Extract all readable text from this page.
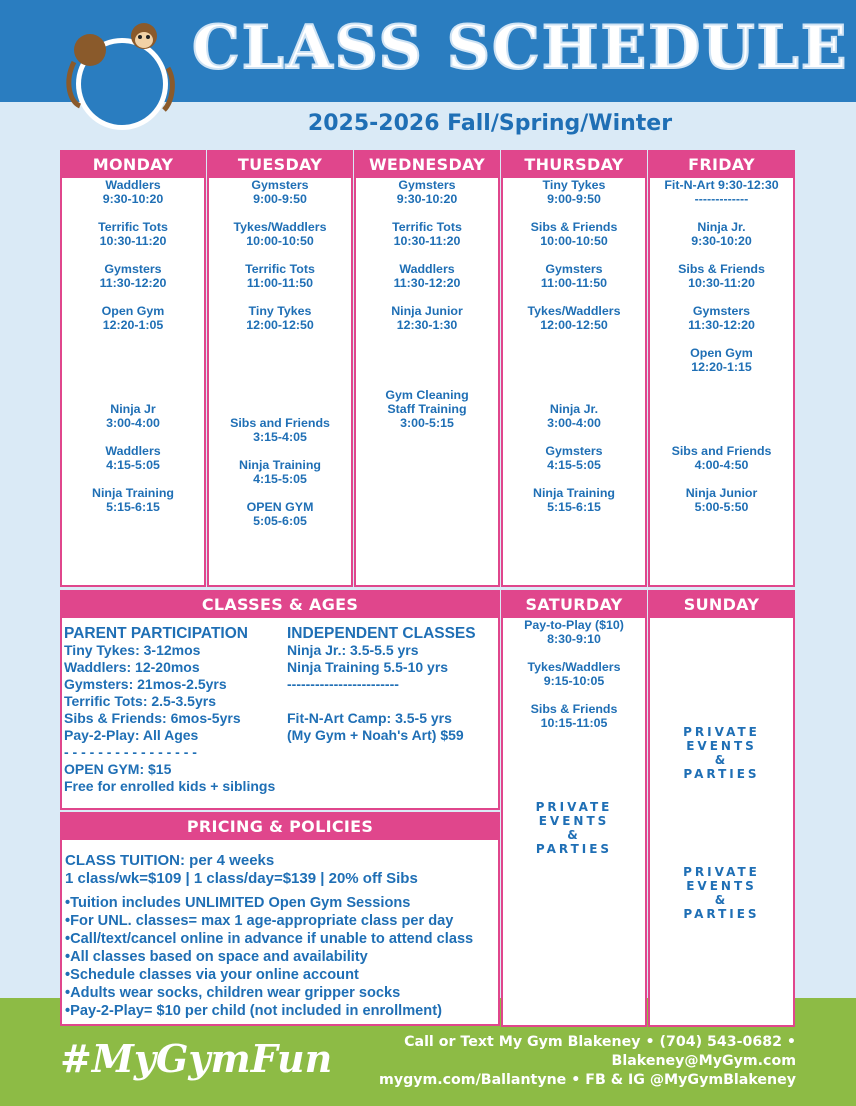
CLASS SCHEDULE
2025-2026 Fall/Spring/Winter
MONDAY
Waddlers
9:30-10:20
Terrific Tots
10:30-11:20
Gymsters
11:30-12:20
Open Gym
12:20-1:05
Ninja Jr
3:00-4:00
Waddlers
4:15-5:05
Ninja Training
5:15-6:15
TUESDAY
Gymsters
9:00-9:50
Tykes/Waddlers
10:00-10:50
Terrific Tots
11:00-11:50
Tiny Tykes
12:00-12:50
Sibs and Friends
3:15-4:05
Ninja Training
4:15-5:05
OPEN GYM
5:05-6:05
WEDNESDAY
Gymsters
9:30-10:20
Terrific Tots
10:30-11:20
Waddlers
11:30-12:20
Ninja Junior
12:30-1:30
Gym Cleaning
Staff Training
3:00-5:15
THURSDAY
Tiny Tykes
9:00-9:50
Sibs & Friends
10:00-10:50
Gymsters
11:00-11:50
Tykes/Waddlers
12:00-12:50
Ninja Jr.
3:00-4:00
Gymsters
4:15-5:05
Ninja Training
5:15-6:15
FRIDAY
Fit-N-Art 9:30-12:30
-------------
Ninja Jr.
9:30-10:20
Sibs & Friends
10:30-11:20
Gymsters
11:30-12:20
Open Gym
12:20-1:15
Sibs and Friends
4:00-4:50
Ninja Junior
5:00-5:50
CLASSES & AGES
PARENT PARTICIPATION
Tiny Tykes: 3-12mos
Waddlers: 12-20mos
Gymsters: 21mos-2.5yrs
Terrific Tots: 2.5-3.5yrs
Sibs & Friends: 6mos-5yrs
Pay-2-Play: All Ages
- - - - - - - - - - - - - - - -
OPEN GYM: $15
Free for enrolled kids + siblings
INDEPENDENT CLASSES
Ninja Jr.: 3.5-5.5 yrs
Ninja Training 5.5-10 yrs
------------------------
Fit-N-Art Camp: 3.5-5 yrs
(My Gym + Noah's Art) $59
PRICING & POLICIES
CLASS TUITION: per 4 weeks
1 class/wk=$109 | 1 class/day=$139 | 20% off Sibs
• Tuition includes UNLIMITED Open Gym Sessions
• For UNL. classes= max 1 age-appropriate class per day
• Call/text/cancel online in advance if unable to attend class
• All classes based on space and availability
• Schedule classes via your online account
• Adults wear socks, children wear gripper socks
• Pay-2-Play= $10 per child (not included in enrollment)
SATURDAY
Pay-to-Play ($10)
8:30-9:10
Tykes/Waddlers
9:15-10:05
Sibs & Friends
10:15-11:05
PRIVATE
EVENTS
&
PARTIES
SUNDAY
PRIVATE
EVENTS
&
PARTIES
PRIVATE
EVENTS
&
PARTIES
#MyGymFun	Call or Text My Gym Blakeney • (704) 543-0682 •
Blakeney@MyGym.com
mygym.com/Ballantyne • FB & IG @MyGymBlakeney
